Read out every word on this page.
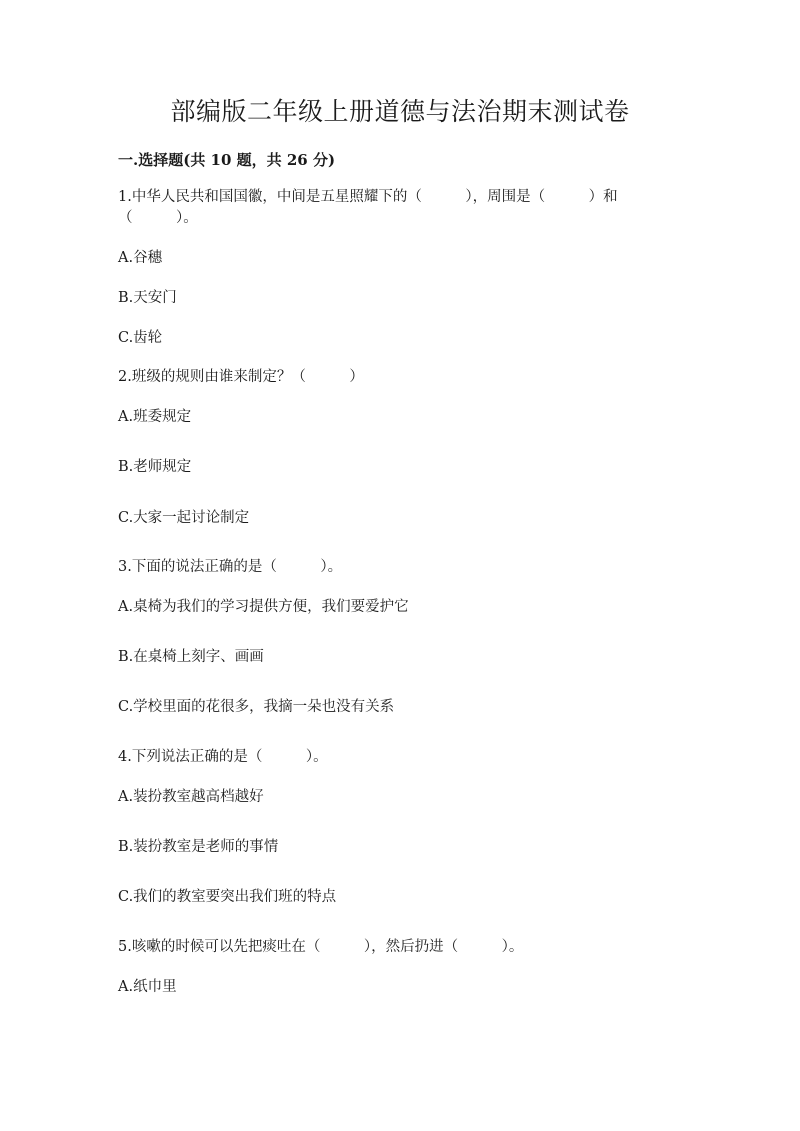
部编版二年级上册道德与法治期末测试卷
一.选择题(共 10 题，共 26 分)
1.中华人民共和国国徽，中间是五星照耀下的（　　　），周围是（　　　）和
（　　　）。
A.谷穗
B.天安门
C.齿轮
2.班级的规则由谁来制定？（　　　）
A.班委规定
B.老师规定
C.大家一起讨论制定
3.下面的说法正确的是（　　　）。
A.桌椅为我们的学习提供方便，我们要爱护它
B.在桌椅上刻字、画画
C.学校里面的花很多，我摘一朵也没有关系
4.下列说法正确的是（　　　）。
A.装扮教室越高档越好
B.装扮教室是老师的事情
C.我们的教室要突出我们班的特点
5.咳嗽的时候可以先把痰吐在（　　　），然后扔进（　　　）。
A.纸巾里
